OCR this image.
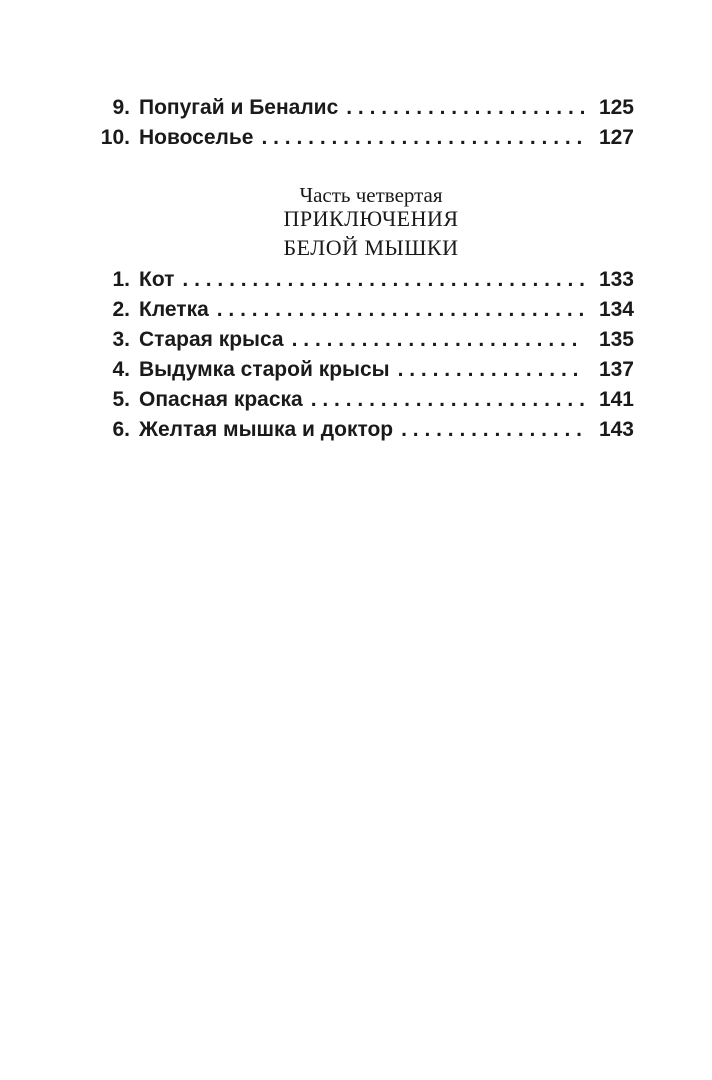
9. Попугай и Беналис . . .	125
10. Новоселье . . .	127
Часть четвертая
ПРИКЛЮЧЕНИЯ
БЕЛОЙ МЫШКИ
1. Кот . . .	133
2. Клетка . . .	134
3. Старая крыса . . .	135
4. Выдумка старой крысы . . .	137
5. Опасная краска . . .	141
6. Желтая мышка и доктор . . .	143
